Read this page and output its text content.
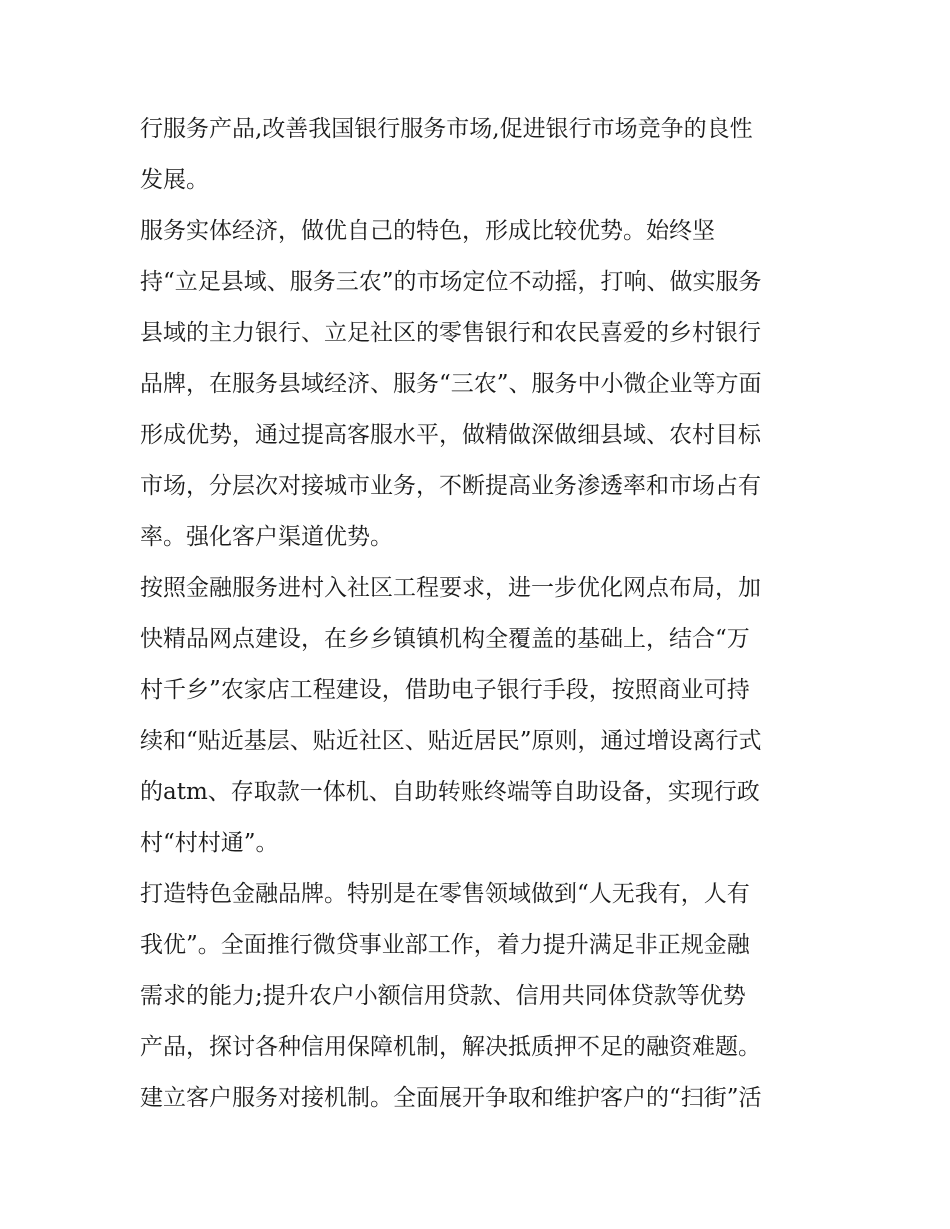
行服务产品,改善我国银行服务市场,促进银行市场竞争的良性
发展。
服务实体经济，做优自己的特色，形成比较优势。始终坚
持“立足县域、服务三农”的市场定位不动摇，打响、做实服务
县域的主力银行、立足社区的零售银行和农民喜爱的乡村银行
品牌，在服务县域经济、服务“三农”、服务中小微企业等方面
形成优势，通过提高客服水平，做精做深做细县域、农村目标
市场，分层次对接城市业务，不断提高业务渗透率和市场占有
率。强化客户渠道优势。
按照金融服务进村入社区工程要求，进一步优化网点布局，加
快精品网点建设，在乡乡镇镇机构全覆盖的基础上，结合“万
村千乡”农家店工程建设，借助电子银行手段，按照商业可持
续和“贴近基层、贴近社区、贴近居民”原则，通过增设离行式
的atm、存取款一体机、自助转账终端等自助设备，实现行政
村“村村通”。
打造特色金融品牌。特别是在零售领域做到“人无我有，人有
我优”。全面推行微贷事业部工作，着力提升满足非正规金融
需求的能力;提升农户小额信用贷款、信用共同体贷款等优势
产品，探讨各种信用保障机制，解决抵质押不足的融资难题。
建立客户服务对接机制。全面展开争取和维护客户的“扫街”活
